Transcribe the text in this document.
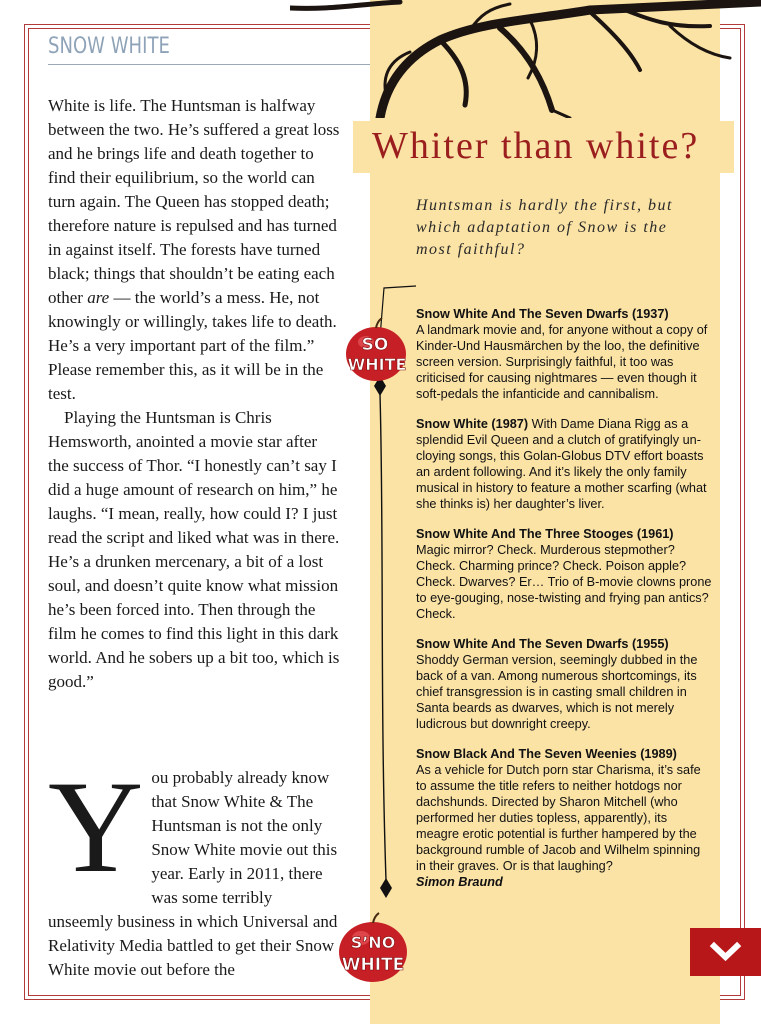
SNOW WHITE

White is life. The Huntsman is halfway between the two. He’s suffered a great loss and he brings life and death together to find their equilibrium, so the world can turn again. The Queen has stopped death; therefore nature is repulsed and has turned in against itself. The forests have turned black; things that shouldn’t be eating each other are — the world’s a mess. He, not knowingly or willingly, takes life to death. He’s a very important part of the film.” Please remember this, as it will be in the test.

Playing the Huntsman is Chris Hemsworth, anointed a movie star after the success of Thor. “I honestly can’t say I did a huge amount of research on him,” he laughs. “I mean, really, how could I? I just read the script and liked what was in there. He’s a drunken mercenary, a bit of a lost soul, and doesn’t quite know what mission he’s been forced into. Then through the film he comes to find this light in this dark world. And he sobers up a bit too, which is good.”

Y ou probably already know that Snow White & The Huntsman is not the only Snow White movie out this year. Early in 2011, there was some terribly unseemly business in which Universal and Relativity Media battled to get their Snow White movie out before the

Whiter than white?
Huntsman is hardly the first, but which adaptation of Snow is the most faithful?
SO
WHITE
S’NO
WHITE

Snow White And The Seven Dwarfs (1937)
A landmark movie and, for anyone without a copy of Kinder-Und Hausmärchen by the loo, the definitive screen version. Surprisingly faithful, it too was criticised for causing nightmares — even though it soft-pedals the infanticide and cannibalism.

Snow White (1987) With Dame Diana Rigg as a splendid Evil Queen and a clutch of gratifyingly un-cloying songs, this Golan-Globus DTV effort boasts an ardent following. And it’s likely the only family musical in history to feature a mother scarfing (what she thinks is) her daughter’s liver.

Snow White And The Three Stooges (1961)
Magic mirror? Check. Murderous stepmother? Check. Charming prince? Check. Poison apple? Check. Dwarves? Er… Trio of B-movie clowns prone to eye-gouging, nose-twisting and frying pan antics? Check.

Snow White And The Seven Dwarfs (1955)
Shoddy German version, seemingly dubbed in the back of a van. Among numerous shortcomings, its chief transgression is in casting small children in Santa beards as dwarves, which is not merely ludicrous but downright creepy.

Snow Black And The Seven Weenies (1989)
As a vehicle for Dutch porn star Charisma, it’s safe to assume the title refers to neither hotdogs nor dachshunds. Directed by Sharon Mitchell (who performed her duties topless, apparently), its meagre erotic potential is further hampered by the background rumble of Jacob and Wilhelm spinning in their graves. Or is that laughing?
Simon Braund
